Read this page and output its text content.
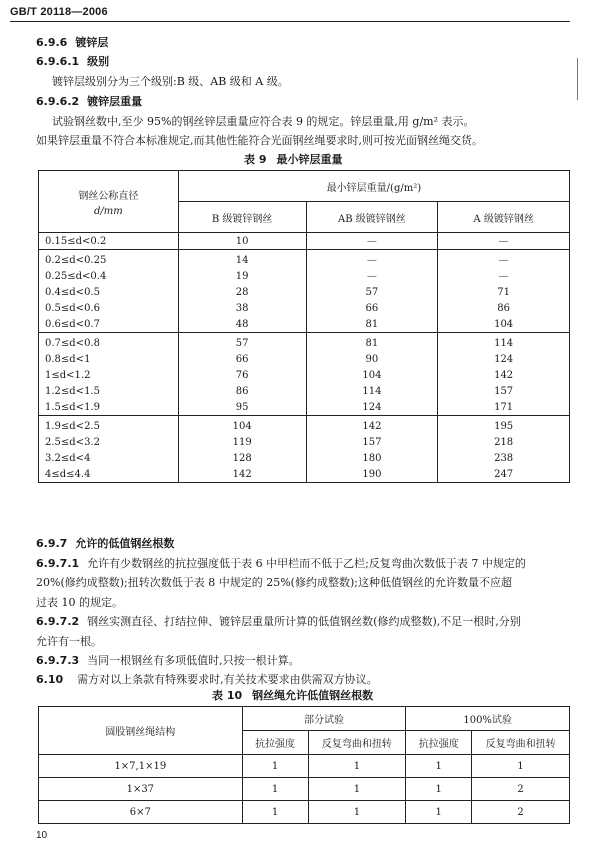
GB/T 20118—2006
6.9.6 镀锌层
6.9.6.1 级别
镀锌层级别分为三个级别:B 级、AB 级和 A 级。
6.9.6.2 镀锌层重量
试验钢丝数中,至少 95%的钢丝锌层重量应符合表 9 的规定。锌层重量,用 g/m² 表示。
如果锌层重量不符合本标准规定,而其他性能符合光面钢丝绳要求时,则可按光面钢丝绳交货。
表 9 最小锌层重量
钢丝公称直径
d/mm	最小锌层重量/(g/m²)		
	B 级镀锌钢丝	AB 级镀锌钢丝	A 级镀锌钢丝
0.15≤d<0.2	10	—	—
0.2≤d<0.25	14	—	—
0.25≤d<0.4	19	—	—
0.4≤d<0.5	28	57	71
0.5≤d<0.6	38	66	86
0.6≤d<0.7	48	81	104
0.7≤d<0.8	57	81	114
0.8≤d<1	66	90	124
1≤d<1.2	76	104	142
1.2≤d<1.5	86	114	157
1.5≤d<1.9	95	124	171
1.9≤d<2.5	104	142	195
2.5≤d<3.2	119	157	218
3.2≤d<4	128	180	238
4≤d≤4.4	142	190	247
6.9.7 允许的低值钢丝根数
6.9.7.1 允许有少数钢丝的抗拉强度低于表 6 中甲栏而不低于乙栏;反复弯曲次数低于表 7 中规定的
20%(修约成整数);扭转次数低于表 8 中规定的 25%(修约成整数);这种低值钢丝的允许数量不应超
过表 10 的规定。
6.9.7.2 钢丝实测直径、打结拉伸、镀锌层重量所计算的低值钢丝数(修约成整数),不足一根时,分别
允许有一根。
6.9.7.3 当同一根钢丝有多项低值时,只按一根计算。
6.10 需方对以上条款有特殊要求时,有关技术要求由供需双方协议。
表 10 钢丝绳允许低值钢丝根数
圆股钢丝绳结构	部分试验		100%试验	
	抗拉强度	反复弯曲和扭转	抗拉强度	反复弯曲和扭转
1×7,1×19	1	1	1	1
1×37	1	1	1	2
6×7	1	1	1	2
10
